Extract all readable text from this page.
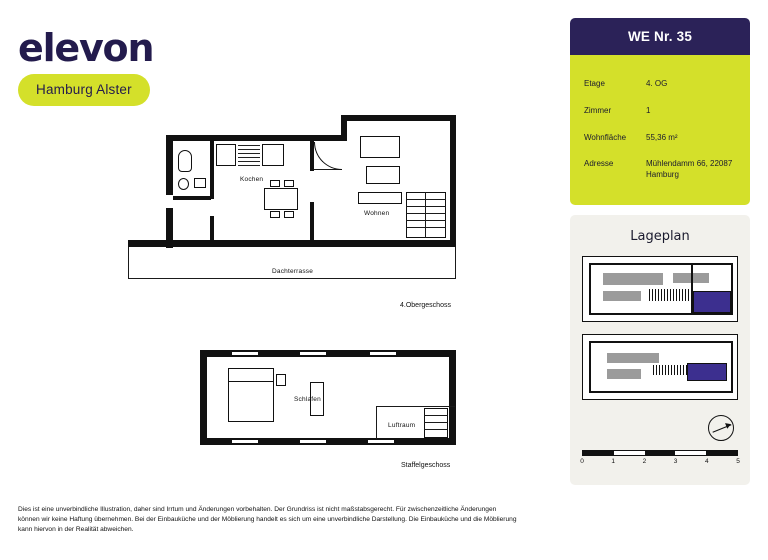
elevon
Hamburg Alster
Kochen
Wohnen
Dachterrasse
4.Obergeschoss
Schlafen
Luftraum
Staffelgeschoss
Dies ist eine unverbindliche Illustration, daher sind Irrtum und Änderungen vorbehalten. Der Grundriss ist nicht maßstabsgerecht. Für zwischenzeitliche Änderungen können wir keine Haftung übernehmen. Bei der Einbauküche und der Möblierung handelt es sich um eine unverbindliche Darstellung. Die Einbauküche und die Möblierung kann hiervon in der Realität abweichen.
WE Nr. 35
Etage	4. OG
Zimmer	1
Wohnfläche	55,36 m²
Adresse	Mühlendamm 66, 22087 Hamburg
Lageplan
0	1	2	3	4	5
